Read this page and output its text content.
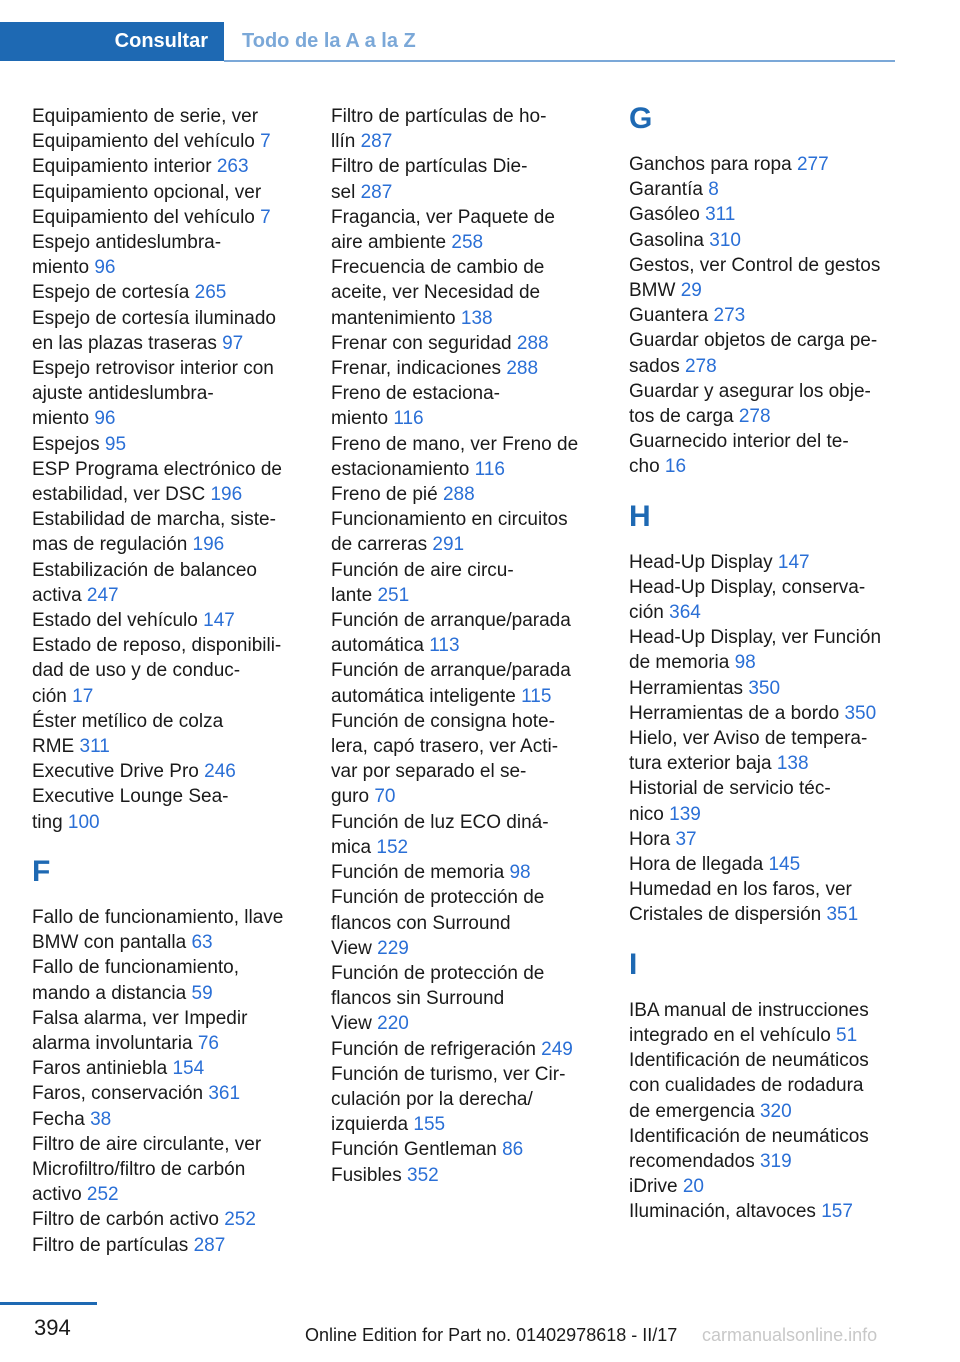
Consultar	Todo de la A a la Z
Equipamiento de serie, ver
Equipamiento del vehículo 7
Equipamiento interior 263
Equipamiento opcional, ver
Equipamiento del vehículo 7
Espejo antideslumbra-
miento 96
Espejo de cortesía 265
Espejo de cortesía iluminado
en las plazas traseras 97
Espejo retrovisor interior con
ajuste antideslumbra-
miento 96
Espejos 95
ESP Programa electrónico de
estabilidad, ver DSC 196
Estabilidad de marcha, siste-
mas de regulación 196
Estabilización de balanceo
activa 247
Estado del vehículo 147
Estado de reposo, disponibili-
dad de uso y de conduc-
ción 17
Éster metílico de colza
RME 311
Executive Drive Pro 246
Executive Lounge Sea-
ting 100
F
Fallo de funcionamiento, llave
BMW con pantalla 63
Fallo de funcionamiento,
mando a distancia 59
Falsa alarma, ver Impedir
alarma involuntaria 76
Faros antiniebla 154
Faros, conservación 361
Fecha 38
Filtro de aire circulante, ver
Microfiltro/filtro de carbón
activo 252
Filtro de carbón activo 252
Filtro de partículas 287
Filtro de partículas de ho-
llín 287
Filtro de partículas Die-
sel 287
Fragancia, ver Paquete de
aire ambiente 258
Frecuencia de cambio de
aceite, ver Necesidad de
mantenimiento 138
Frenar con seguridad 288
Frenar, indicaciones 288
Freno de estaciona-
miento 116
Freno de mano, ver Freno de
estacionamiento 116
Freno de pié 288
Funcionamiento en circuitos
de carreras 291
Función de aire circu-
lante 251
Función de arranque/parada
automática 113
Función de arranque/parada
automática inteligente 115
Función de consigna hote-
lera, capó trasero, ver Acti-
var por separado el se-
guro 70
Función de luz ECO diná-
mica 152
Función de memoria 98
Función de protección de
flancos con Surround
View 229
Función de protección de
flancos sin Surround
View 220
Función de refrigeración 249
Función de turismo, ver Cir-
culación por la derecha/
izquierda 155
Función Gentleman 86
Fusibles 352
G
Ganchos para ropa 277
Garantía 8
Gasóleo 311
Gasolina 310
Gestos, ver Control de gestos
BMW 29
Guantera 273
Guardar objetos de carga pe-
sados 278
Guardar y asegurar los obje-
tos de carga 278
Guarnecido interior del te-
cho 16
H
Head-Up Display 147
Head-Up Display, conserva-
ción 364
Head-Up Display, ver Función
de memoria 98
Herramientas 350
Herramientas de a bordo 350
Hielo, ver Aviso de tempera-
tura exterior baja 138
Historial de servicio téc-
nico 139
Hora 37
Hora de llegada 145
Humedad en los faros, ver
Cristales de dispersión 351
I
IBA manual de instrucciones
integrado en el vehículo 51
Identificación de neumáticos
con cualidades de rodadura
de emergencia 320
Identificación de neumáticos
recomendados 319
iDrive 20
Iluminación, altavoces 157
394	Online Edition for Part no. 01402978618 - II/17 carmanualsonline.info
